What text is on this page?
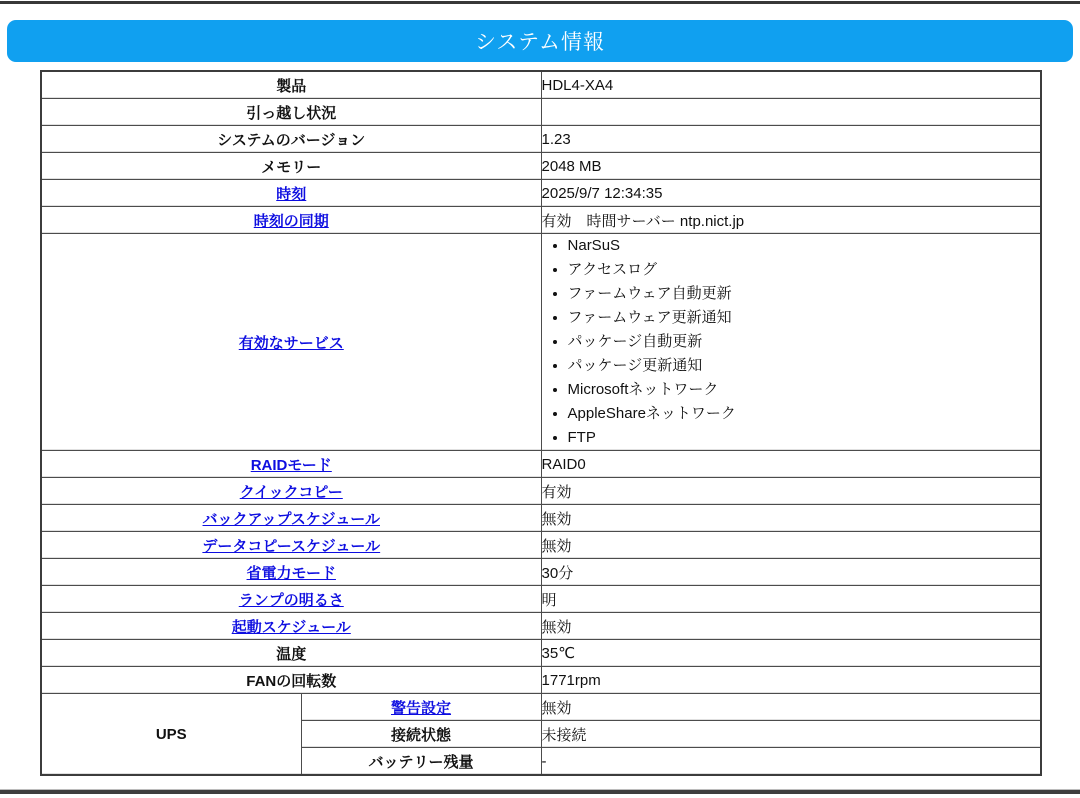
システム情報
製品		HDL4-XA4
引っ越し状況		
システムのバージョン		1.23
メモリー		2048 MB
時刻		2025/9/7 12:34:35
時刻の同期		有効　時間サーバー ntp.nict.jp
有効なサービス	
• NarSuS
• アクセスログ
• ファームウェア自動更新
• ファームウェア更新通知
• パッケージ自動更新
• パッケージ更新通知
• Microsoftネットワーク
• AppleShareネットワーク
• FTP

RAIDモード		RAID0
クイックコピー		有効
バックアップスケジュール		無効
データコピースケジュール		無効
省電力モード		30分
ランプの明るさ		明
起動スケジュール		無効
温度		35℃
FANの回転数		1771rpm
UPS	警告設定	無効
	接続状態	未接続
	バッテリー残量	-
